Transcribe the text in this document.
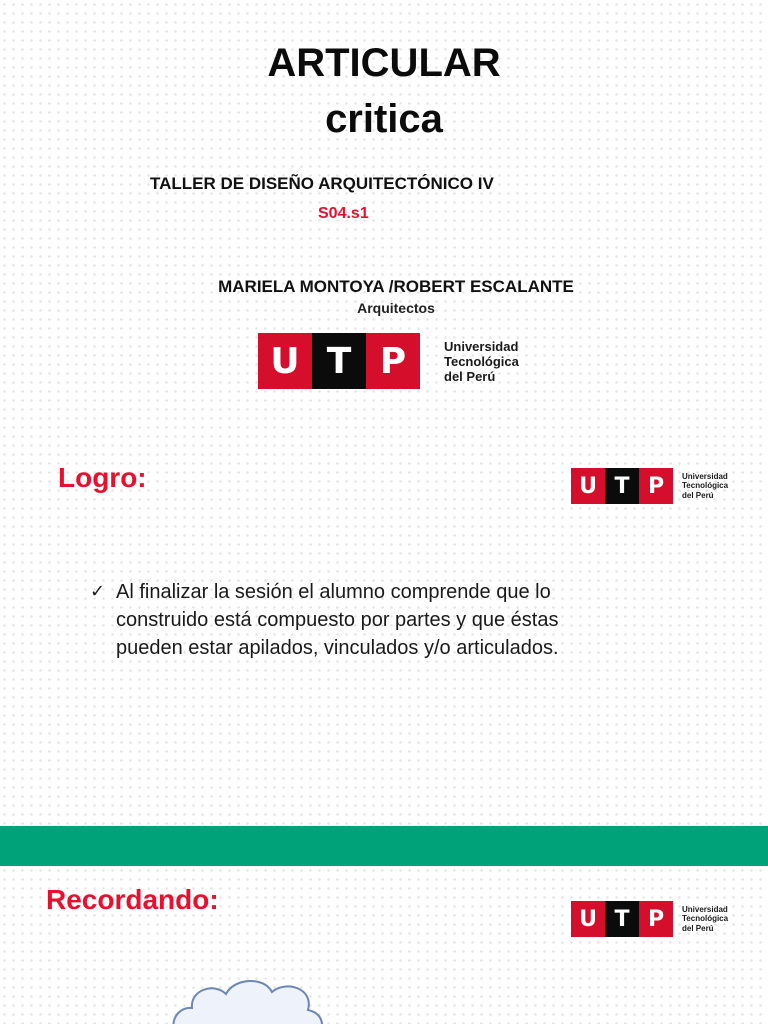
ARTICULAR
critica
TALLER DE DISEÑO ARQUITECTÓNICO IV
S04.s1
MARIELA MONTOYA /ROBERT ESCALANTE
Arquitectos
U T P	Universidad
Tecnológica
del Perú
Logro:	U T P	Universidad
Tecnológica
del Perú
✓ Al finalizar la sesión el alumno comprende que lo construido está compuesto por partes y que éstas pueden estar apilados, vinculados y/o articulados.
Recordando:
U T P	Universidad
Tecnológica
del Perú
